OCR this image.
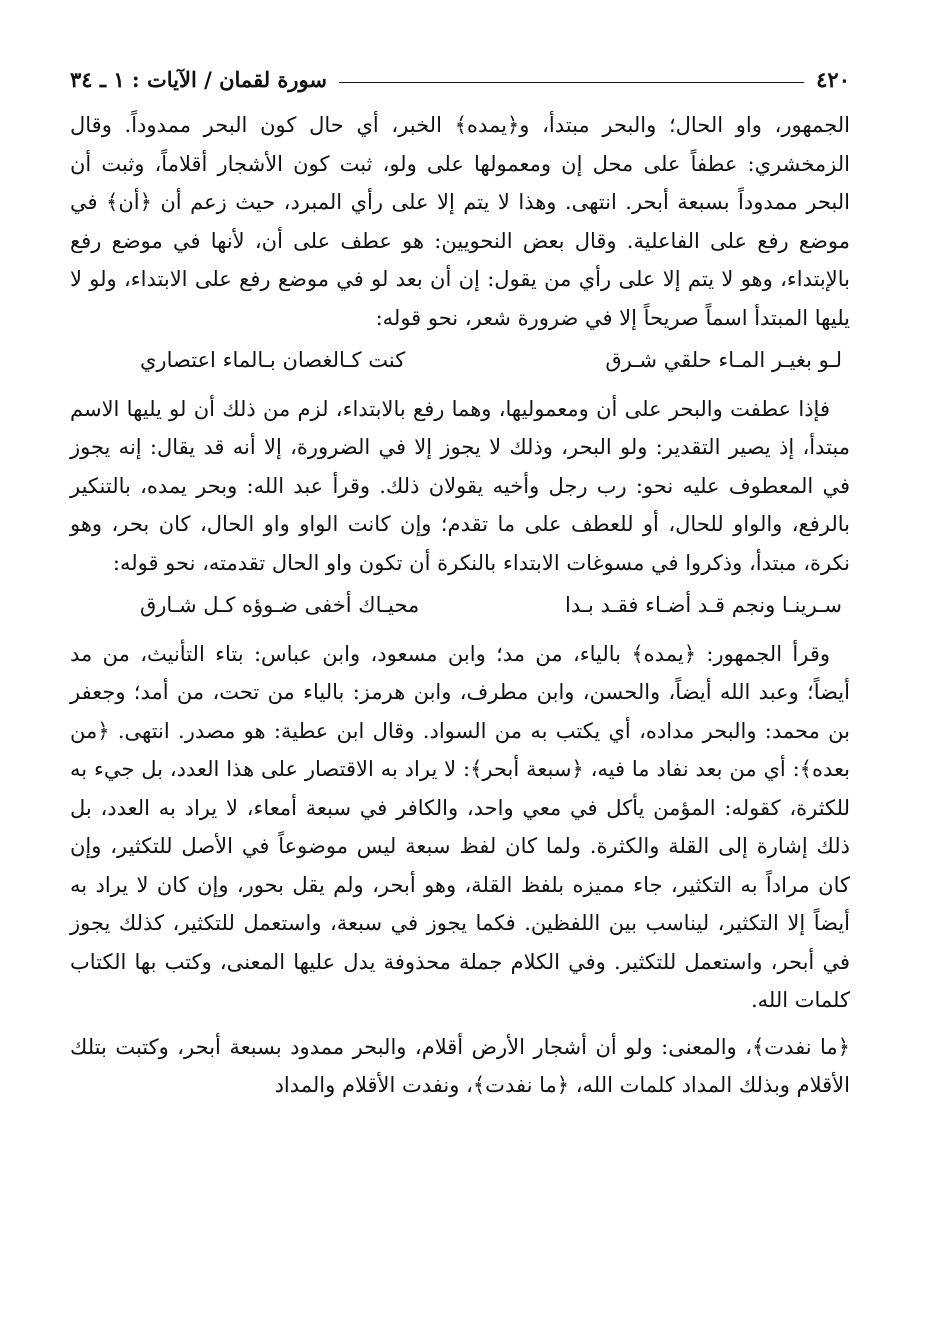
٤٢٠
سورة لقمان / الآيات : ١ ـ ٣٤

الجمهور، واو الحال؛ والبحر مبتدأ، و﴿يمده﴾ الخبر، أي حال كون البحر ممدوداً. وقال الزمخشري: عطفاً على محل إن ومعمولها على ولو، ثبت كون الأشجار أقلاماً، وثبت أن البحر ممدوداً بسبعة أبحر. انتهى. وهذا لا يتم إلا على رأي المبرد، حيث زعم أن ﴿أن﴾ في موضع رفع على الفاعلية. وقال بعض النحويين: هو عطف على أن، لأنها في موضع رفع بالإبتداء، وهو لا يتم إلا على رأي من يقول: إن أن بعد لو في موضع رفع على الابتداء، ولو لا يليها المبتدأ اسماً صريحاً إلا في ضرورة شعر، نحو قوله:

لـو بغيـر المـاء حلقي شـرق
كنت كـالغصان بـالماء اعتصاري

فإذا عطفت والبحر على أن ومعموليها، وهما رفع بالابتداء، لزم من ذلك أن لو يليها الاسم مبتدأ، إذ يصير التقدير: ولو البحر، وذلك لا يجوز إلا في الضرورة، إلا أنه قد يقال: إنه يجوز في المعطوف عليه نحو: رب رجل وأخيه يقولان ذلك. وقرأ عبد الله: وبحر يمده، بالتنكير بالرفع، والواو للحال، أو للعطف على ما تقدم؛ وإن كانت الواو واو الحال، كان بحر، وهو نكرة، مبتدأ، وذكروا في مسوغات الابتداء بالنكرة أن تكون واو الحال تقدمته، نحو قوله:

سـرينـا ونجم قـد أضـاء فقـد بـدا
محيـاك أخفى ضـوؤه كـل شـارق

وقرأ الجمهور: ﴿يمده﴾ بالياء، من مد؛ وابن مسعود، وابن عباس: بتاء التأنيث، من مد أيضاً؛ وعبد الله أيضاً، والحسن، وابن مطرف، وابن هرمز: بالياء من تحت، من أمد؛ وجعفر بن محمد: والبحر مداده، أي يكتب به من السواد. وقال ابن عطية: هو مصدر. انتهى. ﴿من بعده﴾: أي من بعد نفاد ما فيه، ﴿سبعة أبحر﴾: لا يراد به الاقتصار على هذا العدد، بل جيء به للكثرة، كقوله: المؤمن يأكل في معي واحد، والكافر في سبعة أمعاء، لا يراد به العدد، بل ذلك إشارة إلى القلة والكثرة. ولما كان لفظ سبعة ليس موضوعاً في الأصل للتكثير، وإن كان مراداً به التكثير، جاء مميزه بلفظ القلة، وهو أبحر، ولم يقل بحور، وإن كان لا يراد به أيضاً إلا التكثير، ليناسب بين اللفظين. فكما يجوز في سبعة، واستعمل للتكثير، كذلك يجوز في أبحر، واستعمل للتكثير. وفي الكلام جملة محذوفة يدل عليها المعنى، وكتب بها الكتاب كلمات الله.

﴿ما نفدت﴾، والمعنى: ولو أن أشجار الأرض أقلام، والبحر ممدود بسبعة أبحر، وكتبت بتلك الأقلام وبذلك المداد كلمات الله، ﴿ما نفدت﴾، ونفدت الأقلام والمداد
